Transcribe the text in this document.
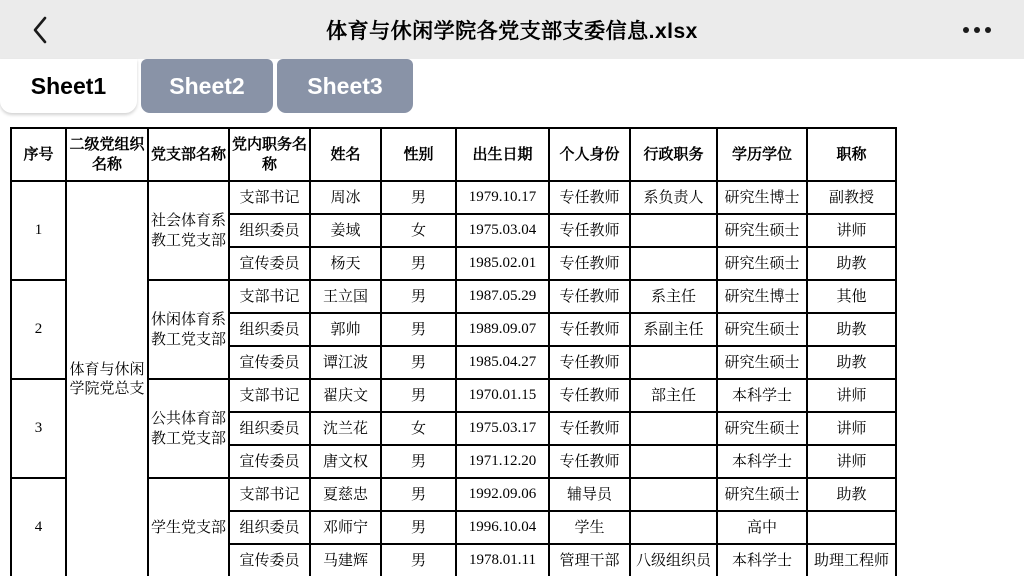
体育与休闲学院各党支部支委信息.xlsx
Sheet1	Sheet2	Sheet3
序号	二级党组织名称	党支部名称	党内职务名称	姓名	性别	出生日期	个人身份	行政职务	学历学位	职称
1	体育与休闲学院党总支	社会体育系教工党支部	支部书记	周冰	男	1979.10.17	专任教师	系负责人	研究生博士	副教授
			组织委员	姜域	女	1975.03.04	专任教师		研究生硕士	讲师
			宣传委员	杨天	男	1985.02.01	专任教师		研究生硕士	助教
2		休闲体育系教工党支部	支部书记	王立国	男	1987.05.29	专任教师	系主任	研究生博士	其他
			组织委员	郭帅	男	1989.09.07	专任教师	系副主任	研究生硕士	助教
			宣传委员	谭江波	男	1985.04.27	专任教师		研究生硕士	助教
3		公共体育部教工党支部	支部书记	翟庆文	男	1970.01.15	专任教师	部主任	本科学士	讲师
			组织委员	沈兰花	女	1975.03.17	专任教师		研究生硕士	讲师
			宣传委员	唐文权	男	1971.12.20	专任教师		本科学士	讲师
4		学生党支部	支部书记	夏慈忠	男	1992.09.06	辅导员		研究生硕士	助教
			组织委员	邓师宁	男	1996.10.04	学生		高中	
			宣传委员	马建辉	男	1978.01.11	管理干部	八级组织员	本科学士	助理工程师
